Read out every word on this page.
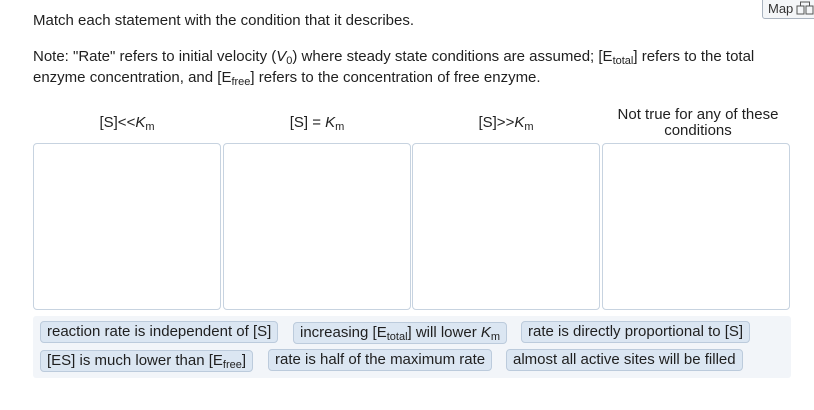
Map

Match each statement with the condition that it describes.

Note: "Rate" refers to initial velocity $(V_0)$ where steady state conditions are assumed; $[E_{total}]$ refers to the total enzyme concentration, and $[E_{free}]$ refers to the concentration of free enzyme.

$[S]<<K_m$	$[S] = K_m$	$[S]>>K_m$
Not true for any of these conditions
reaction rate is independent of [S]	increasing $[E_{total}]$ will lower $K_m$	rate is directly proportional to [S]
[ES] is much lower than $[E_{free}]$	rate is half of the maximum rate	almost all active sites will be filled
